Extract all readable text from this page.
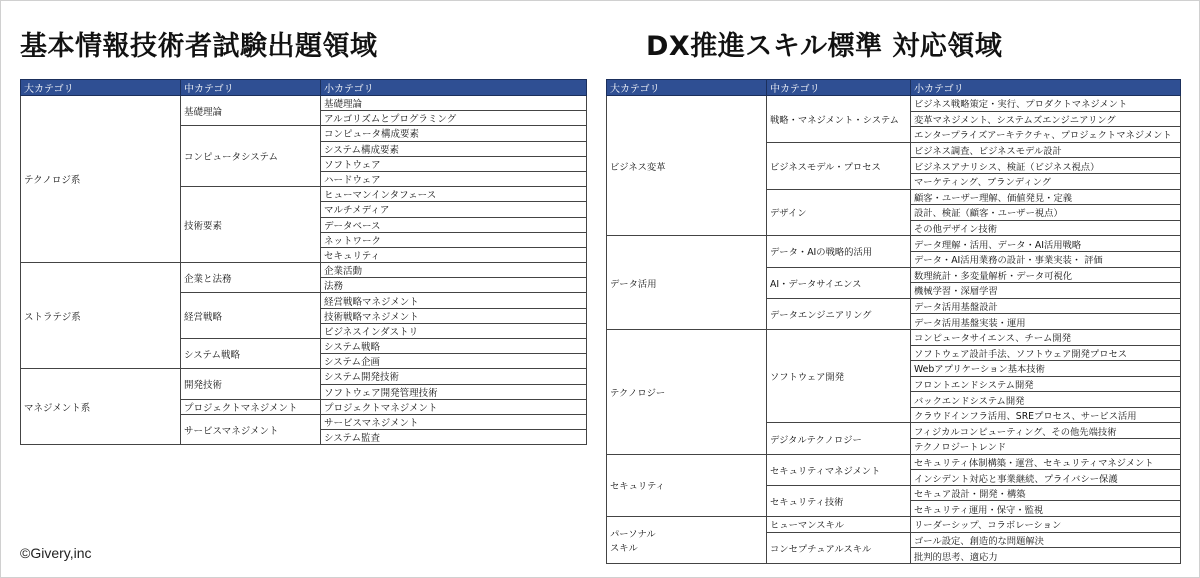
基本情報技術者試験出題領域	DX推進スキル標準 対応領域
大カテゴリ	中カテゴリ	小カテゴリ
テクノロジ系	基礎理論	基礎理論
		アルゴリズムとプログラミング
	コンピュータシステム	コンピュータ構成要素
		システム構成要素
		ソフトウェア
		ハードウェア
	技術要素	ヒューマンインタフェース
		マルチメディア
		データベース
		ネットワーク
		セキュリティ
ストラテジ系	企業と法務	企業活動
		法務
	経営戦略	経営戦略マネジメント
		技術戦略マネジメント
		ビジネスインダストリ
	システム戦略	システム戦略
		システム企画
マネジメント系	開発技術	システム開発技術
		ソフトウェア開発管理技術
	プロジェクトマネジメント	プロジェクトマネジメント
	サービスマネジメント	サービスマネジメント
		システム監査
大カテゴリ	中カテゴリ	小カテゴリ
ビジネス変革	戦略・マネジメント・システム	ビジネス戦略策定・実行、プロダクトマネジメント
		変革マネジメント、システムズエンジニアリング
		エンタープライズアーキテクチャ、プロジェクトマネジメント
	ビジネスモデル・プロセス	ビジネス調査、ビジネスモデル設計
		ビジネスアナリシス、検証（ビジネス視点）
		マーケティング、ブランディング
	デザイン	顧客・ユーザー理解、価値発見・定義
		設計、検証（顧客・ユーザー視点）
		その他デザイン技術
データ活用	データ・AIの戦略的活用	データ理解・活用、データ・AI活用戦略
		データ・AI活用業務の設計・事業実装・ 評価
	AI・データサイエンス	数理統計・多変量解析・データ可視化
		機械学習・深層学習
	データエンジニアリング	データ活用基盤設計
		データ活用基盤実装・運用
テクノロジー	ソフトウェア開発	コンピュータサイエンス、チーム開発
		ソフトウェア設計手法、ソフトウェア開発プロセス
		Webアプリケーション基本技術
		フロントエンドシステム開発
		バックエンドシステム開発
		クラウドインフラ活用、SREプロセス、サービス活用
	デジタルテクノロジー	フィジカルコンピューティング、その他先端技術
		テクノロジートレンド
セキュリティ	セキュリティマネジメント	セキュリティ体制構築・運営、セキュリティマネジメント
		インシデント対応と事業継続、プライバシー保護
	セキュリティ技術	セキュア設計・開発・構築
		セキュリティ運用・保守・監視
パーソナル
スキル	ヒューマンスキル	リーダーシップ、コラボレーション
	コンセプチュアルスキル	ゴール設定、創造的な問題解決
		批判的思考、適応力
©Givery,inc
